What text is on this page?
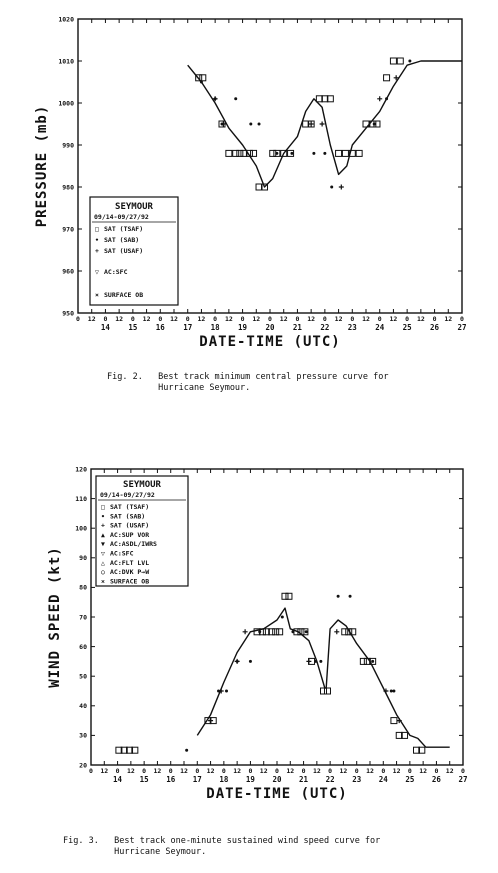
950
960
970
980
990
1000
1010
1020
0 12 0 12 0 12 0 12 0 12 0 12 0 12 0 12 0 12 0 12 0 12 0 12 0 12 0 12 0
14 15 16 17 18 19 20 21 22 23 24 25 26 27
DATE-TIME (UTC)
PRESSURE (mb)	SEYMOUR
09/14-09/27/92
□ SAT (TSAF)
• SAT (SAB)
+ SAT (USAF)
▽ AC:SFC
× SURFACE OB
20
30
40
50
60
70
80
90
100
110
120
0 12 0 12 0 12 0 12 0 12 0 12 0 12 0 12 0 12 0 12 0 12 0 12 0 12 0 12 0
14 15 16 17 18 19 20 21 22 23 24 25 26 27
DATE-TIME (UTC)
WIND SPEED (kt)
SEYMOUR
09/14-09/27/92
□ SAT (TSAF)
• SAT (SAB)
+ SAT (USAF)
▲ AC:SUP VOR
▼ AC:ASDL/IWRS
▽ AC:SFC
△ AC:FLT LVL
○ AC:DVK P→W
× SURFACE OB
Fig. 2.   Best track minimum central pressure curve for
Hurricane Seymour.
Fig. 3.   Best track one-minute sustained wind speed curve for
Hurricane Seymour.
